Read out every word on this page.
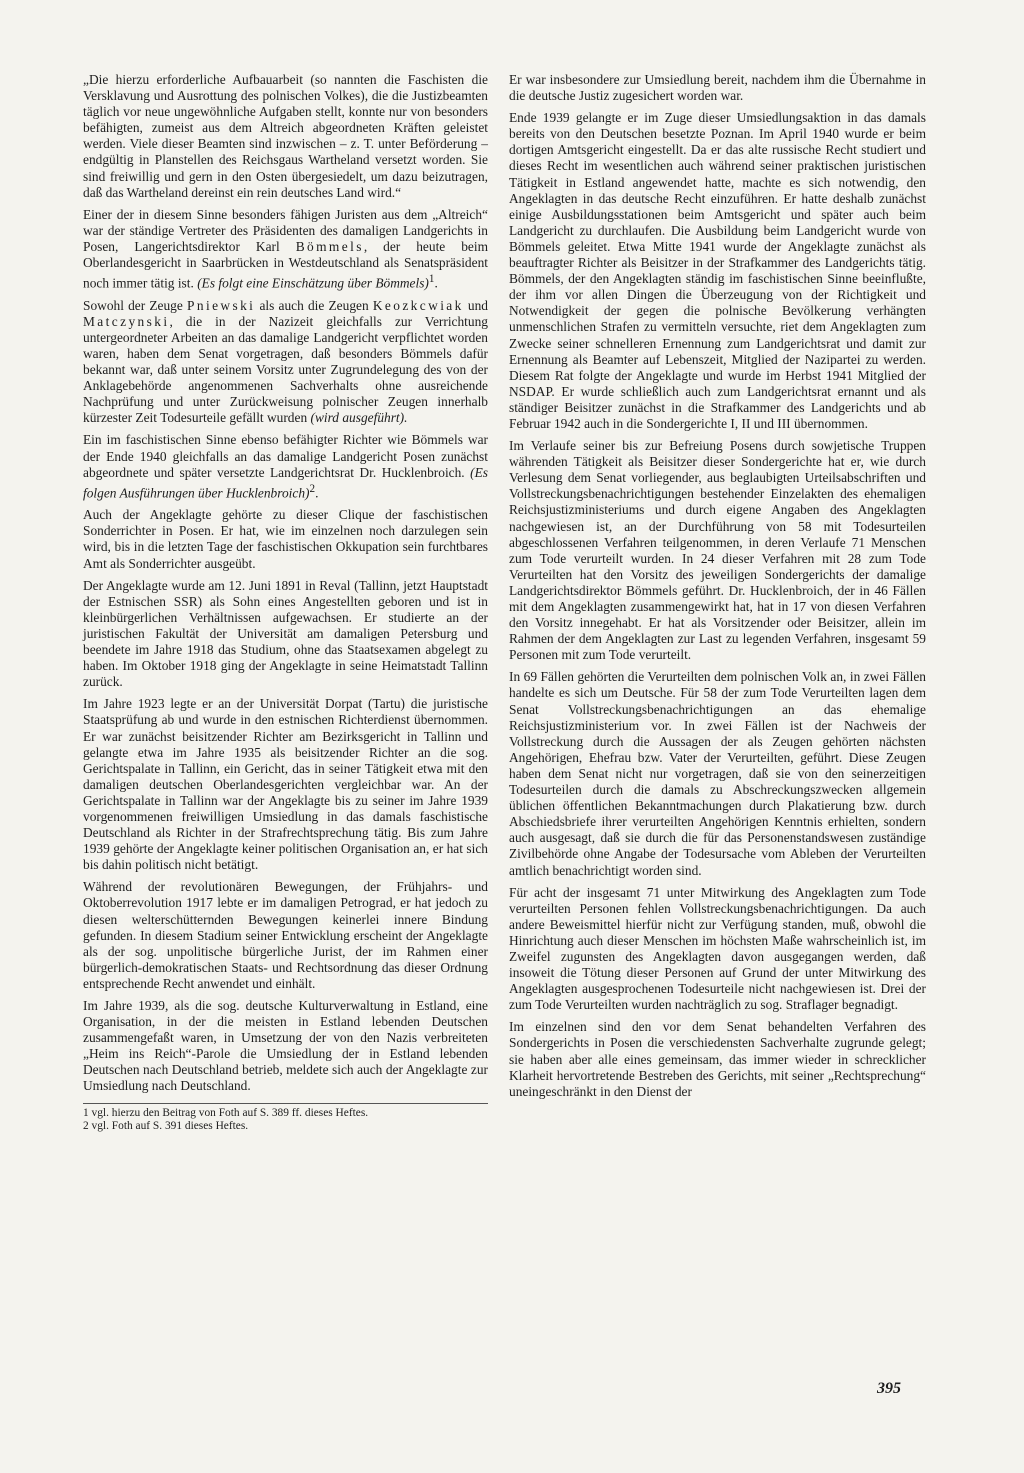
„Die hierzu erforderliche Aufbauarbeit (so nannten die Faschisten die Versklavung und Ausrottung des polnischen Volkes), die die Justizbeamten täglich vor neue ungewöhnliche Aufgaben stellt, konnte nur von besonders befähigten, zumeist aus dem Altreich abgeordneten Kräften geleistet werden. Viele dieser Beamten sind inzwischen – z. T. unter Beförderung – endgültig in Planstellen des Reichsgaus Wartheland versetzt worden. Sie sind freiwillig und gern in den Osten übergesiedelt, um dazu beizutragen, daß das Wartheland dereinst ein rein deutsches Land wird.“

Einer der in diesem Sinne besonders fähigen Juristen aus dem „Altreich“ war der ständige Vertreter des Präsidenten des damaligen Landgerichts in Posen, Langerichtsdirektor Karl Bömmels, der heute beim Oberlandesgericht in Saarbrücken in Westdeutschland als Senatspräsident noch immer tätig ist. (Es folgt eine Einschätzung über Bömmels)$^1$.

Sowohl der Zeuge Pniewski als auch die Zeugen Keozkcwiak und Matczynski, die in der Nazizeit gleichfalls zur Verrichtung untergeordneter Arbeiten an das damalige Landgericht verpflichtet worden waren, haben dem Senat vorgetragen, daß besonders Bömmels dafür bekannt war, daß unter seinem Vorsitz unter Zugrundelegung des von der Anklagebehörde angenommenen Sachverhalts ohne ausreichende Nachprüfung und unter Zurückweisung polnischer Zeugen innerhalb kürzester Zeit Todesurteile gefällt wurden (wird ausgeführt).

Ein im faschistischen Sinne ebenso befähigter Richter wie Bömmels war der Ende 1940 gleichfalls an das damalige Landgericht Posen zunächst abgeordnete und später versetzte Landgerichtsrat Dr. Hucklenbroich. (Es folgen Ausführungen über Hucklenbroich)$^2$.

Auch der Angeklagte gehörte zu dieser Clique der faschistischen Sonderrichter in Posen. Er hat, wie im einzelnen noch darzulegen sein wird, bis in die letzten Tage der faschistischen Okkupation sein furchtbares Amt als Sonderrichter ausgeübt.

Der Angeklagte wurde am 12. Juni 1891 in Reval (Tallinn, jetzt Hauptstadt der Estnischen SSR) als Sohn eines Angestellten geboren und ist in kleinbürgerlichen Verhältnissen aufgewachsen. Er studierte an der juristischen Fakultät der Universität am damaligen Petersburg und beendete im Jahre 1918 das Studium, ohne das Staatsexamen abgelegt zu haben. Im Oktober 1918 ging der Angeklagte in seine Heimatstadt Tallinn zurück.

Im Jahre 1923 legte er an der Universität Dorpat (Tartu) die juristische Staatsprüfung ab und wurde in den estnischen Richterdienst übernommen. Er war zunächst beisitzender Richter am Bezirksgericht in Tallinn und gelangte etwa im Jahre 1935 als beisitzender Richter an die sog. Gerichtspalate in Tallinn, ein Gericht, das in seiner Tätigkeit etwa mit den damaligen deutschen Oberlandesgerichten vergleichbar war. An der Gerichtspalate in Tallinn war der Angeklagte bis zu seiner im Jahre 1939 vorgenommenen freiwilligen Umsiedlung in das damals faschistische Deutschland als Richter in der Strafrechtsprechung tätig. Bis zum Jahre 1939 gehörte der Angeklagte keiner politischen Organisation an, er hat sich bis dahin politisch nicht betätigt.

Während der revolutionären Bewegungen, der Frühjahrs- und Oktoberrevolution 1917 lebte er im damaligen Petrograd, er hat jedoch zu diesen welterschütternden Bewegungen keinerlei innere Bindung gefunden. In diesem Stadium seiner Entwicklung erscheint der Angeklagte als der sog. unpolitische bürgerliche Jurist, der im Rahmen einer bürgerlich-demokratischen Staats- und Rechtsordnung das dieser Ordnung entsprechende Recht anwendet und einhält.

Im Jahre 1939, als die sog. deutsche Kulturverwaltung in Estland, eine Organisation, in der die meisten in Estland lebenden Deutschen zusammengefaßt waren, in Umsetzung der von den Nazis verbreiteten „Heim ins Reich“-Parole die Umsiedlung der in Estland lebenden Deutschen nach Deutschland betrieb, meldete sich auch der Angeklagte zur Umsiedlung nach Deutschland.

1 vgl. hierzu den Beitrag von Foth auf S. 389 ff. dieses Heftes.
2 vgl. Foth auf S. 391 dieses Heftes.

Er war insbesondere zur Umsiedlung bereit, nachdem ihm die Übernahme in die deutsche Justiz zugesichert worden war.

Ende 1939 gelangte er im Zuge dieser Umsiedlungsaktion in das damals bereits von den Deutschen besetzte Poznan. Im April 1940 wurde er beim dortigen Amtsgericht eingestellt. Da er das alte russische Recht studiert und dieses Recht im wesentlichen auch während seiner praktischen juristischen Tätigkeit in Estland angewendet hatte, machte es sich notwendig, den Angeklagten in das deutsche Recht einzuführen. Er hatte deshalb zunächst einige Ausbildungsstationen beim Amtsgericht und später auch beim Landgericht zu durchlaufen. Die Ausbildung beim Landgericht wurde von Bömmels geleitet. Etwa Mitte 1941 wurde der Angeklagte zunächst als beauftragter Richter als Beisitzer in der Strafkammer des Landgerichts tätig. Bömmels, der den Angeklagten ständig im faschistischen Sinne beeinflußte, der ihm vor allen Dingen die Überzeugung von der Richtigkeit und Notwendigkeit der gegen die polnische Bevölkerung verhängten unmenschlichen Strafen zu vermitteln versuchte, riet dem Angeklagten zum Zwecke seiner schnelleren Ernennung zum Landgerichtsrat und damit zur Ernennung als Beamter auf Lebenszeit, Mitglied der Nazipartei zu werden. Diesem Rat folgte der Angeklagte und wurde im Herbst 1941 Mitglied der NSDAP. Er wurde schließlich auch zum Landgerichtsrat ernannt und als ständiger Beisitzer zunächst in die Strafkammer des Landgerichts und ab Februar 1942 auch in die Sondergerichte I, II und III übernommen.

Im Verlaufe seiner bis zur Befreiung Posens durch sowjetische Truppen währenden Tätigkeit als Beisitzer dieser Sondergerichte hat er, wie durch Verlesung dem Senat vorliegender, aus beglaubigten Urteilsabschriften und Vollstreckungsbenachrichtigungen bestehender Einzelakten des ehemaligen Reichsjustizministeriums und durch eigene Angaben des Angeklagten nachgewiesen ist, an der Durchführung von 58 mit Todesurteilen abgeschlossenen Verfahren teilgenommen, in deren Verlaufe 71 Menschen zum Tode verurteilt wurden. In 24 dieser Verfahren mit 28 zum Tode Verurteilten hat den Vorsitz des jeweiligen Sondergerichts der damalige Landgerichtsdirektor Bömmels geführt. Dr. Hucklenbroich, der in 46 Fällen mit dem Angeklagten zusammengewirkt hat, hat in 17 von diesen Verfahren den Vorsitz innegehabt. Er hat als Vorsitzender oder Beisitzer, allein im Rahmen der dem Angeklagten zur Last zu legenden Verfahren, insgesamt 59 Personen mit zum Tode verurteilt.

In 69 Fällen gehörten die Verurteilten dem polnischen Volk an, in zwei Fällen handelte es sich um Deutsche. Für 58 der zum Tode Verurteilten lagen dem Senat Vollstreckungsbenachrichtigungen an das ehemalige Reichsjustizministerium vor. In zwei Fällen ist der Nachweis der Vollstreckung durch die Aussagen der als Zeugen gehörten nächsten Angehörigen, Ehefrau bzw. Vater der Verurteilten, geführt. Diese Zeugen haben dem Senat nicht nur vorgetragen, daß sie von den seinerzeitigen Todesurteilen durch die damals zu Abschreckungszwecken allgemein üblichen öffentlichen Bekanntmachungen durch Plakatierung bzw. durch Abschiedsbriefe ihrer verurteilten Angehörigen Kenntnis erhielten, sondern auch ausgesagt, daß sie durch die für das Personenstandswesen zuständige Zivilbehörde ohne Angabe der Todesursache vom Ableben der Verurteilten amtlich benachrichtigt worden sind.

Für acht der insgesamt 71 unter Mitwirkung des Angeklagten zum Tode verurteilten Personen fehlen Vollstreckungsbenachrichtigungen. Da auch andere Beweismittel hierfür nicht zur Verfügung standen, muß, obwohl die Hinrichtung auch dieser Menschen im höchsten Maße wahrscheinlich ist, im Zweifel zugunsten des Angeklagten davon ausgegangen werden, daß insoweit die Tötung dieser Personen auf Grund der unter Mitwirkung des Angeklagten ausgesprochenen Todesurteile nicht nachgewiesen ist. Drei der zum Tode Verurteilten wurden nachträglich zu sog. Straflager begnadigt.

Im einzelnen sind den vor dem Senat behandelten Verfahren des Sondergerichts in Posen die verschiedensten Sachverhalte zugrunde gelegt; sie haben aber alle eines gemeinsam, das immer wieder in schrecklicher Klarheit hervortretende Bestreben des Gerichts, mit seiner „Rechtsprechung“ uneingeschränkt in den Dienst der

395
